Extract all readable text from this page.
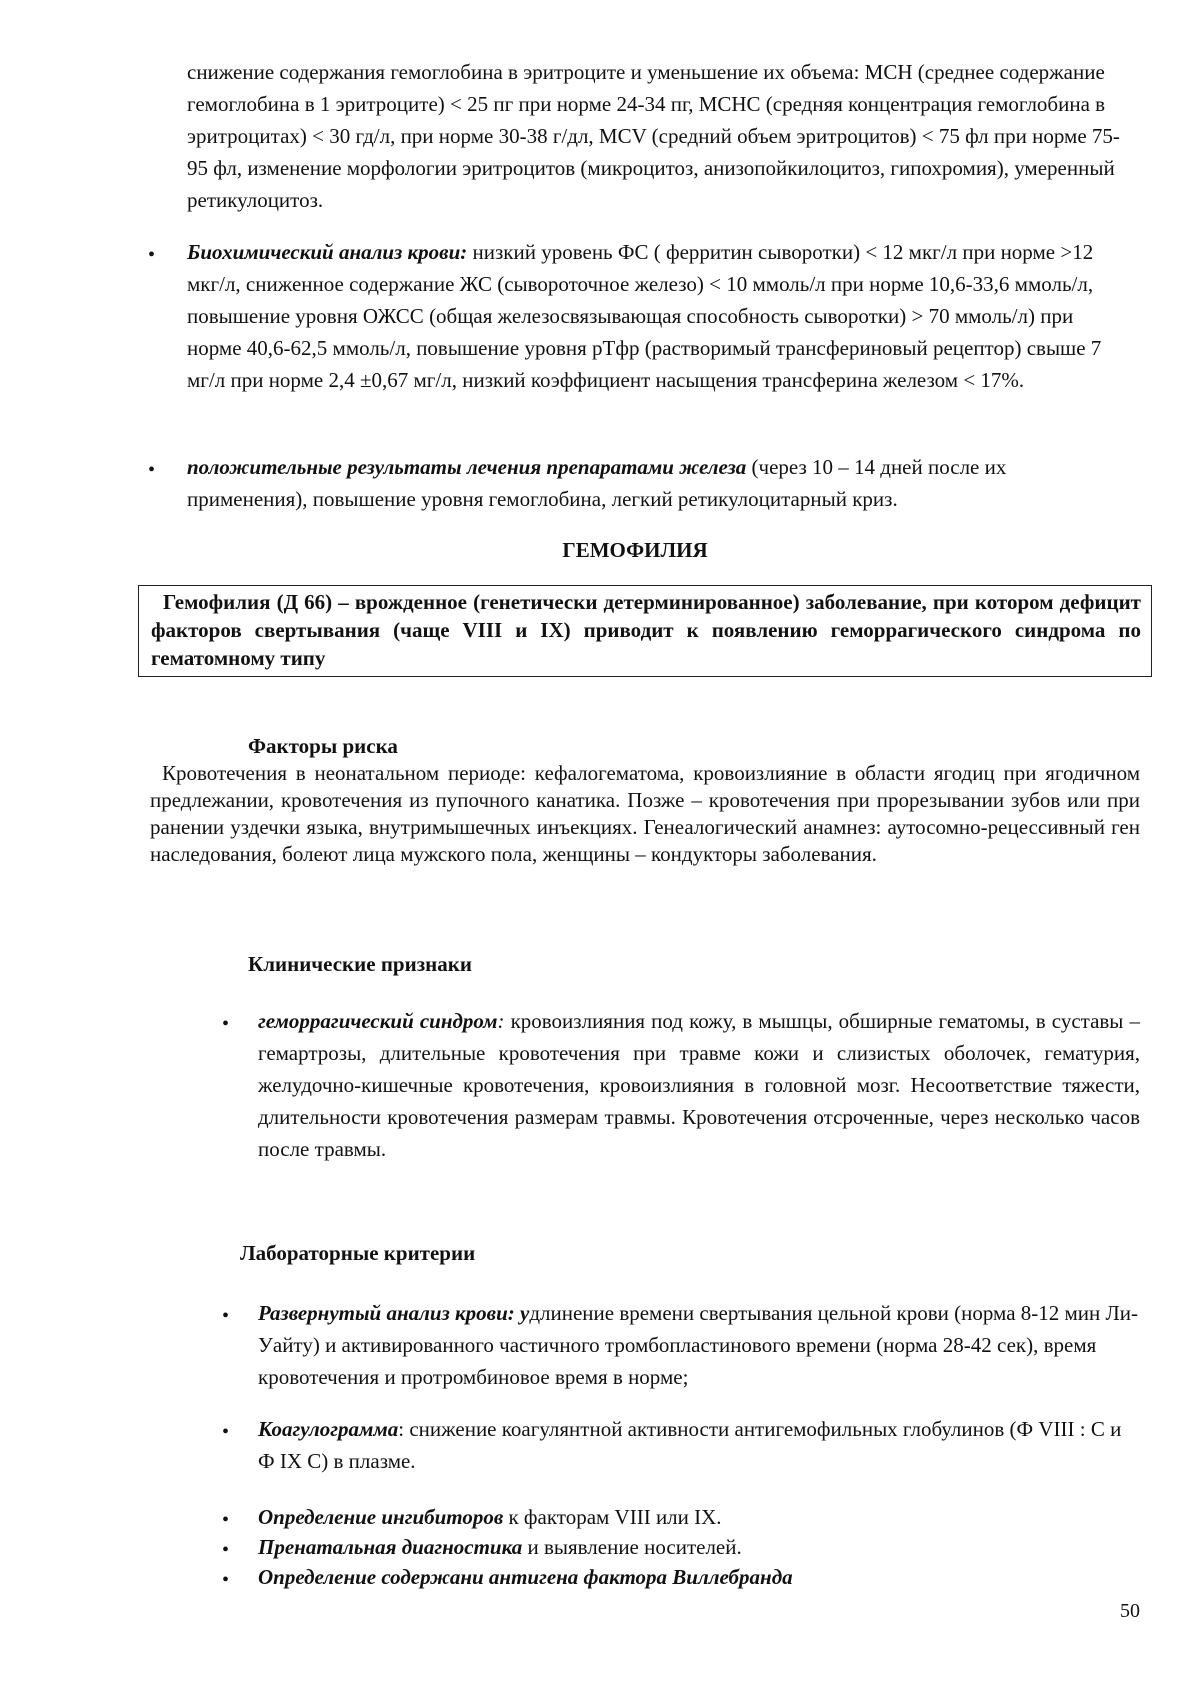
снижение содержания гемоглобина в эритроците и уменьшение их объема: МСН (среднее содержание гемоглобина в 1 эритроците) < 25 пг при норме 24-34 пг, МСНС (средняя концентрация гемоглобина в эритроцитах) < 30 гд/л, при норме 30-38 г/дл, MCV (средний объем эритроцитов) < 75 фл при норме 75-95 фл, изменение морфологии эритроцитов (микроцитоз, анизопойкилоцитоз, гипохромия), умеренный ретикулоцитоз.

• Биохимический анализ крови: низкий уровень ФС ( ферритин сыворотки) < 12 мкг/л при норме >12 мкг/л, сниженное содержание ЖС (сывороточное железо) < 10 ммоль/л при норме 10,6-33,6 ммоль/л, повышение уровня ОЖСС (общая железосвязывающая способность сыворотки) > 70 ммоль/л) при норме 40,6-62,5 ммоль/л, повышение уровня рТфр (растворимый трансфериновый рецептор) свыше 7 мг/л при норме 2,4 ±0,67 мг/л, низкий коэффициент насыщения трансферина железом < 17%.

• положительные результаты лечения препаратами железа (через 10 – 14 дней после их применения), повышение уровня гемоглобина, легкий ретикулоцитарный криз.

ГЕМОФИЛИЯ

Гемофилия (Д 66) – врожденное (генетически детерминированное) заболевание, при котором дефицит факторов свертывания (чаще VIII и IX) приводит к появлению геморрагического синдрома по гематомному типу

Факторы риска

Кровотечения в неонатальном периоде: кефалогематома, кровоизлияние в области ягодиц при ягодичном предлежании, кровотечения из пупочного канатика. Позже – кровотечения при прорезывании зубов или при ранении уздечки языка, внутримышечных инъекциях. Генеалогический анамнез: аутосомно-рецессивный ген наследования, болеют лица мужского пола, женщины – кондукторы заболевания.

Клинические признаки
• геморрагический синдром: кровоизлияния под кожу, в мышцы, обширные гематомы, в суставы – гемартрозы, длительные кровотечения при травме кожи и слизистых оболочек, гематурия, желудочно-кишечные кровотечения, кровоизлияния в головной мозг. Несоответствие тяжести, длительности кровотечения размерам травмы. Кровотечения отсроченные, через несколько часов после травмы.

Лабораторные критерии
• Развернутый анализ крови: удлинение времени свертывания цельной крови (норма 8-12 мин Ли-Уайту) и активированного частичного тромбопластинового времени (норма 28-42 сек), время кровотечения и протромбиновое время в норме;

• Коагулограмма: снижение коагулянтной активности антигемофильных глобулинов (Ф VIII : С и Ф IX С) в плазме.

• Определение ингибиторов к факторам VIII или IX.

• Пренатальная диагностика и выявление носителей.

• Определение содержани антигена фактора Виллебранда

50
